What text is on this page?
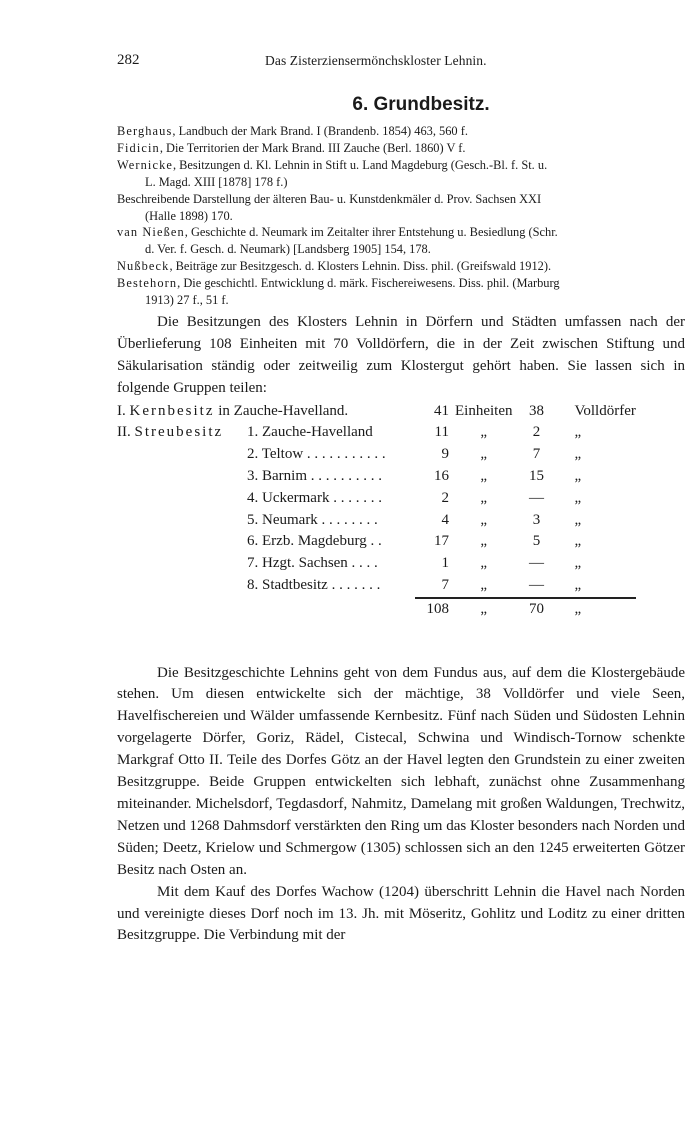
282	Das Zisterziensermönchskloster Lehnin.
6. Grundbesitz.
Berghaus, Landbuch der Mark Brand. I (Brandenb. 1854) 463, 560 f.
Fidicin, Die Territorien der Mark Brand. III Zauche (Berl. 1860) V f.
Wernicke, Besitzungen d. Kl. Lehnin in Stift u. Land Magdeburg (Gesch.-Bl. f. St. u.
L. Magd. XIII [1878] 178 f.)
Beschreibende Darstellung der älteren Bau- u. Kunstdenkmäler d. Prov. Sachsen XXI
(Halle 1898) 170.
van Nießen, Geschichte d. Neumark im Zeitalter ihrer Entstehung u. Besiedlung (Schr.
d. Ver. f. Gesch. d. Neumark) [Landsberg 1905] 154, 178.
Nußbeck, Beiträge zur Besitzgesch. d. Klosters Lehnin. Diss. phil. (Greifswald 1912).
Bestehorn, Die geschichtl. Entwicklung d. märk. Fischereiwesens. Diss. phil. (Marburg
1913) 27 f., 51 f.

Die Besitzungen des Klosters Lehnin in Dörfern und Städten umfassen nach der Überlieferung 108 Einheiten mit 70 Volldörfern, die in der Zeit zwischen Stiftung und Säkularisation ständig oder zeitweilig zum Klostergut gehört haben. Sie lassen sich in folgende Gruppen teilen:

I. Kernbesitz in Zauche-Havelland.		41	Einheiten	38	Volldörfer
II. Streubesitz	1. Zauche-Havelland	11	„	2	„
	2. Teltow . . . . . . . . . . .	9	„	7	„
	3. Barnim . . . . . . . . . .	16	„	15	„
	4. Uckermark . . . . . . .	2	„	—	„
	5. Neumark . . . . . . . .	4	„	3	„
	6. Erzb. Magdeburg . .	17	„	5	„
	7. Hzgt. Sachsen . . . .	1	„	—	„
	8. Stadtbesitz . . . . . . .	7	„	—	„
		108	„	70	„

Die Besitzgeschichte Lehnins geht von dem Fundus aus, auf dem die Klostergebäude stehen. Um diesen entwickelte sich der mächtige, 38 Volldörfer und viele Seen, Havelfischereien und Wälder umfassende Kernbesitz. Fünf nach Süden und Südosten Lehnin vorgelagerte Dörfer, Goriz, Rädel, Cistecal, Schwina und Windisch-Tornow schenkte Markgraf Otto II. Teile des Dorfes Götz an der Havel legten den Grundstein zu einer zweiten Besitzgruppe. Beide Gruppen entwickelten sich lebhaft, zunächst ohne Zusammenhang miteinander. Michelsdorf, Tegdasdorf, Nahmitz, Damelang mit großen Waldungen, Trechwitz, Netzen und 1268 Dahmsdorf verstärkten den Ring um das Kloster besonders nach Norden und Süden; Deetz, Krielow und Schmergow (1305) schlossen sich an den 1245 erweiterten Götzer Besitz nach Osten an.

Mit dem Kauf des Dorfes Wachow (1204) überschritt Lehnin die Havel nach Norden und vereinigte dieses Dorf noch im 13. Jh. mit Möseritz, Gohlitz und Loditz zu einer dritten Besitzgruppe. Die Verbindung mit der
